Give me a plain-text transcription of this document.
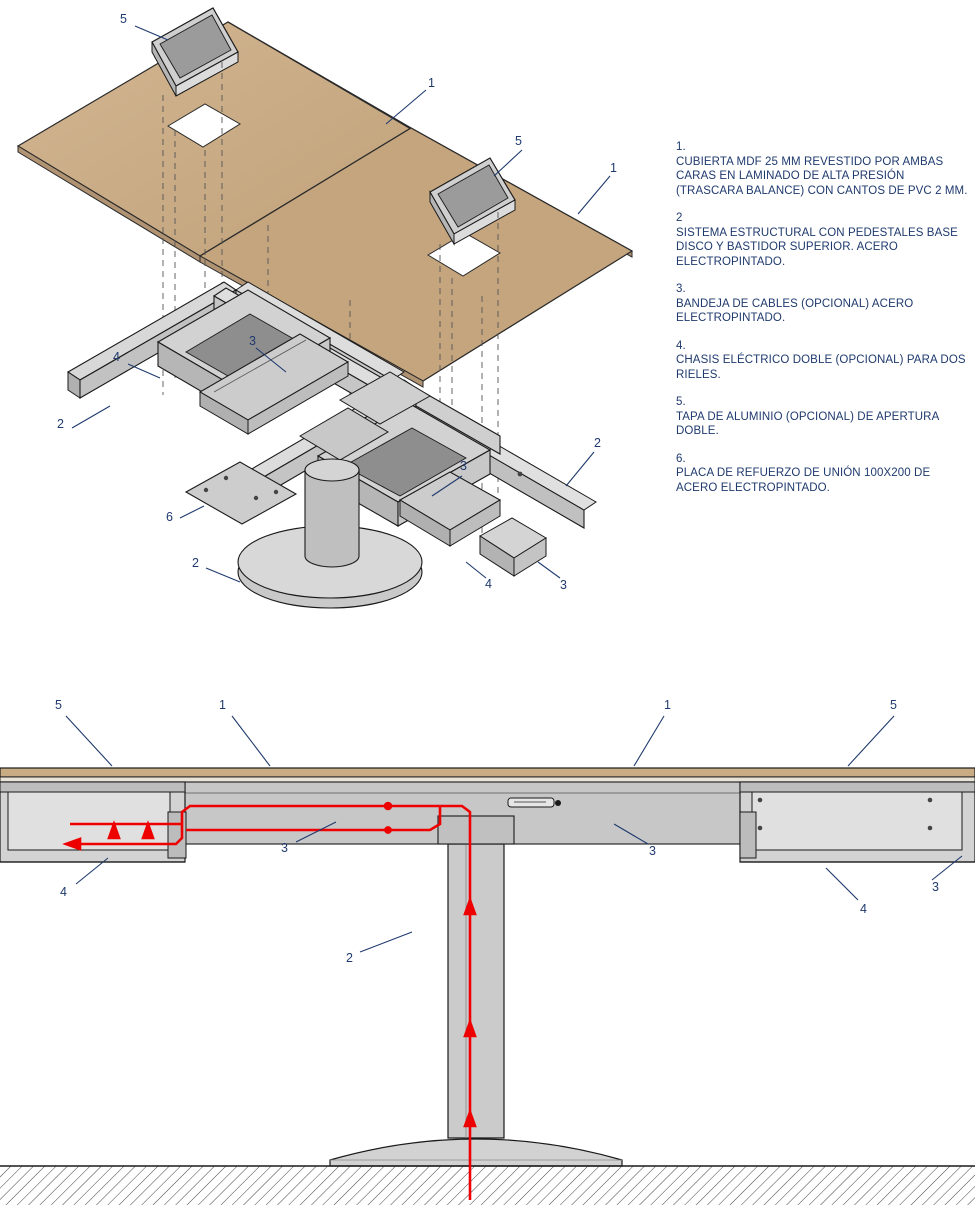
5
1
5
1
3
4
2
2
3
6
2
4	3
5	1	1	5
3	3
4	3
4
2
1.
CUBIERTA MDF 25 MM REVESTIDO POR AMBAS CARAS EN LAMINADO DE ALTA PRESIÓN (TRASCARA BALANCE) CON CANTOS DE PVC 2 MM.
2
SISTEMA ESTRUCTURAL CON PEDESTALES BASE DISCO Y BASTIDOR SUPERIOR. ACERO ELECTROPINTADO.
3.
BANDEJA DE CABLES (OPCIONAL) ACERO ELECTROPINTADO.
4.
CHASIS ELÉCTRICO DOBLE (OPCIONAL) PARA DOS RIELES.
5.
TAPA DE ALUMINIO (OPCIONAL) DE APERTURA DOBLE.
6.
PLACA DE REFUERZO DE UNIÓN 100X200 DE ACERO ELECTROPINTADO.
